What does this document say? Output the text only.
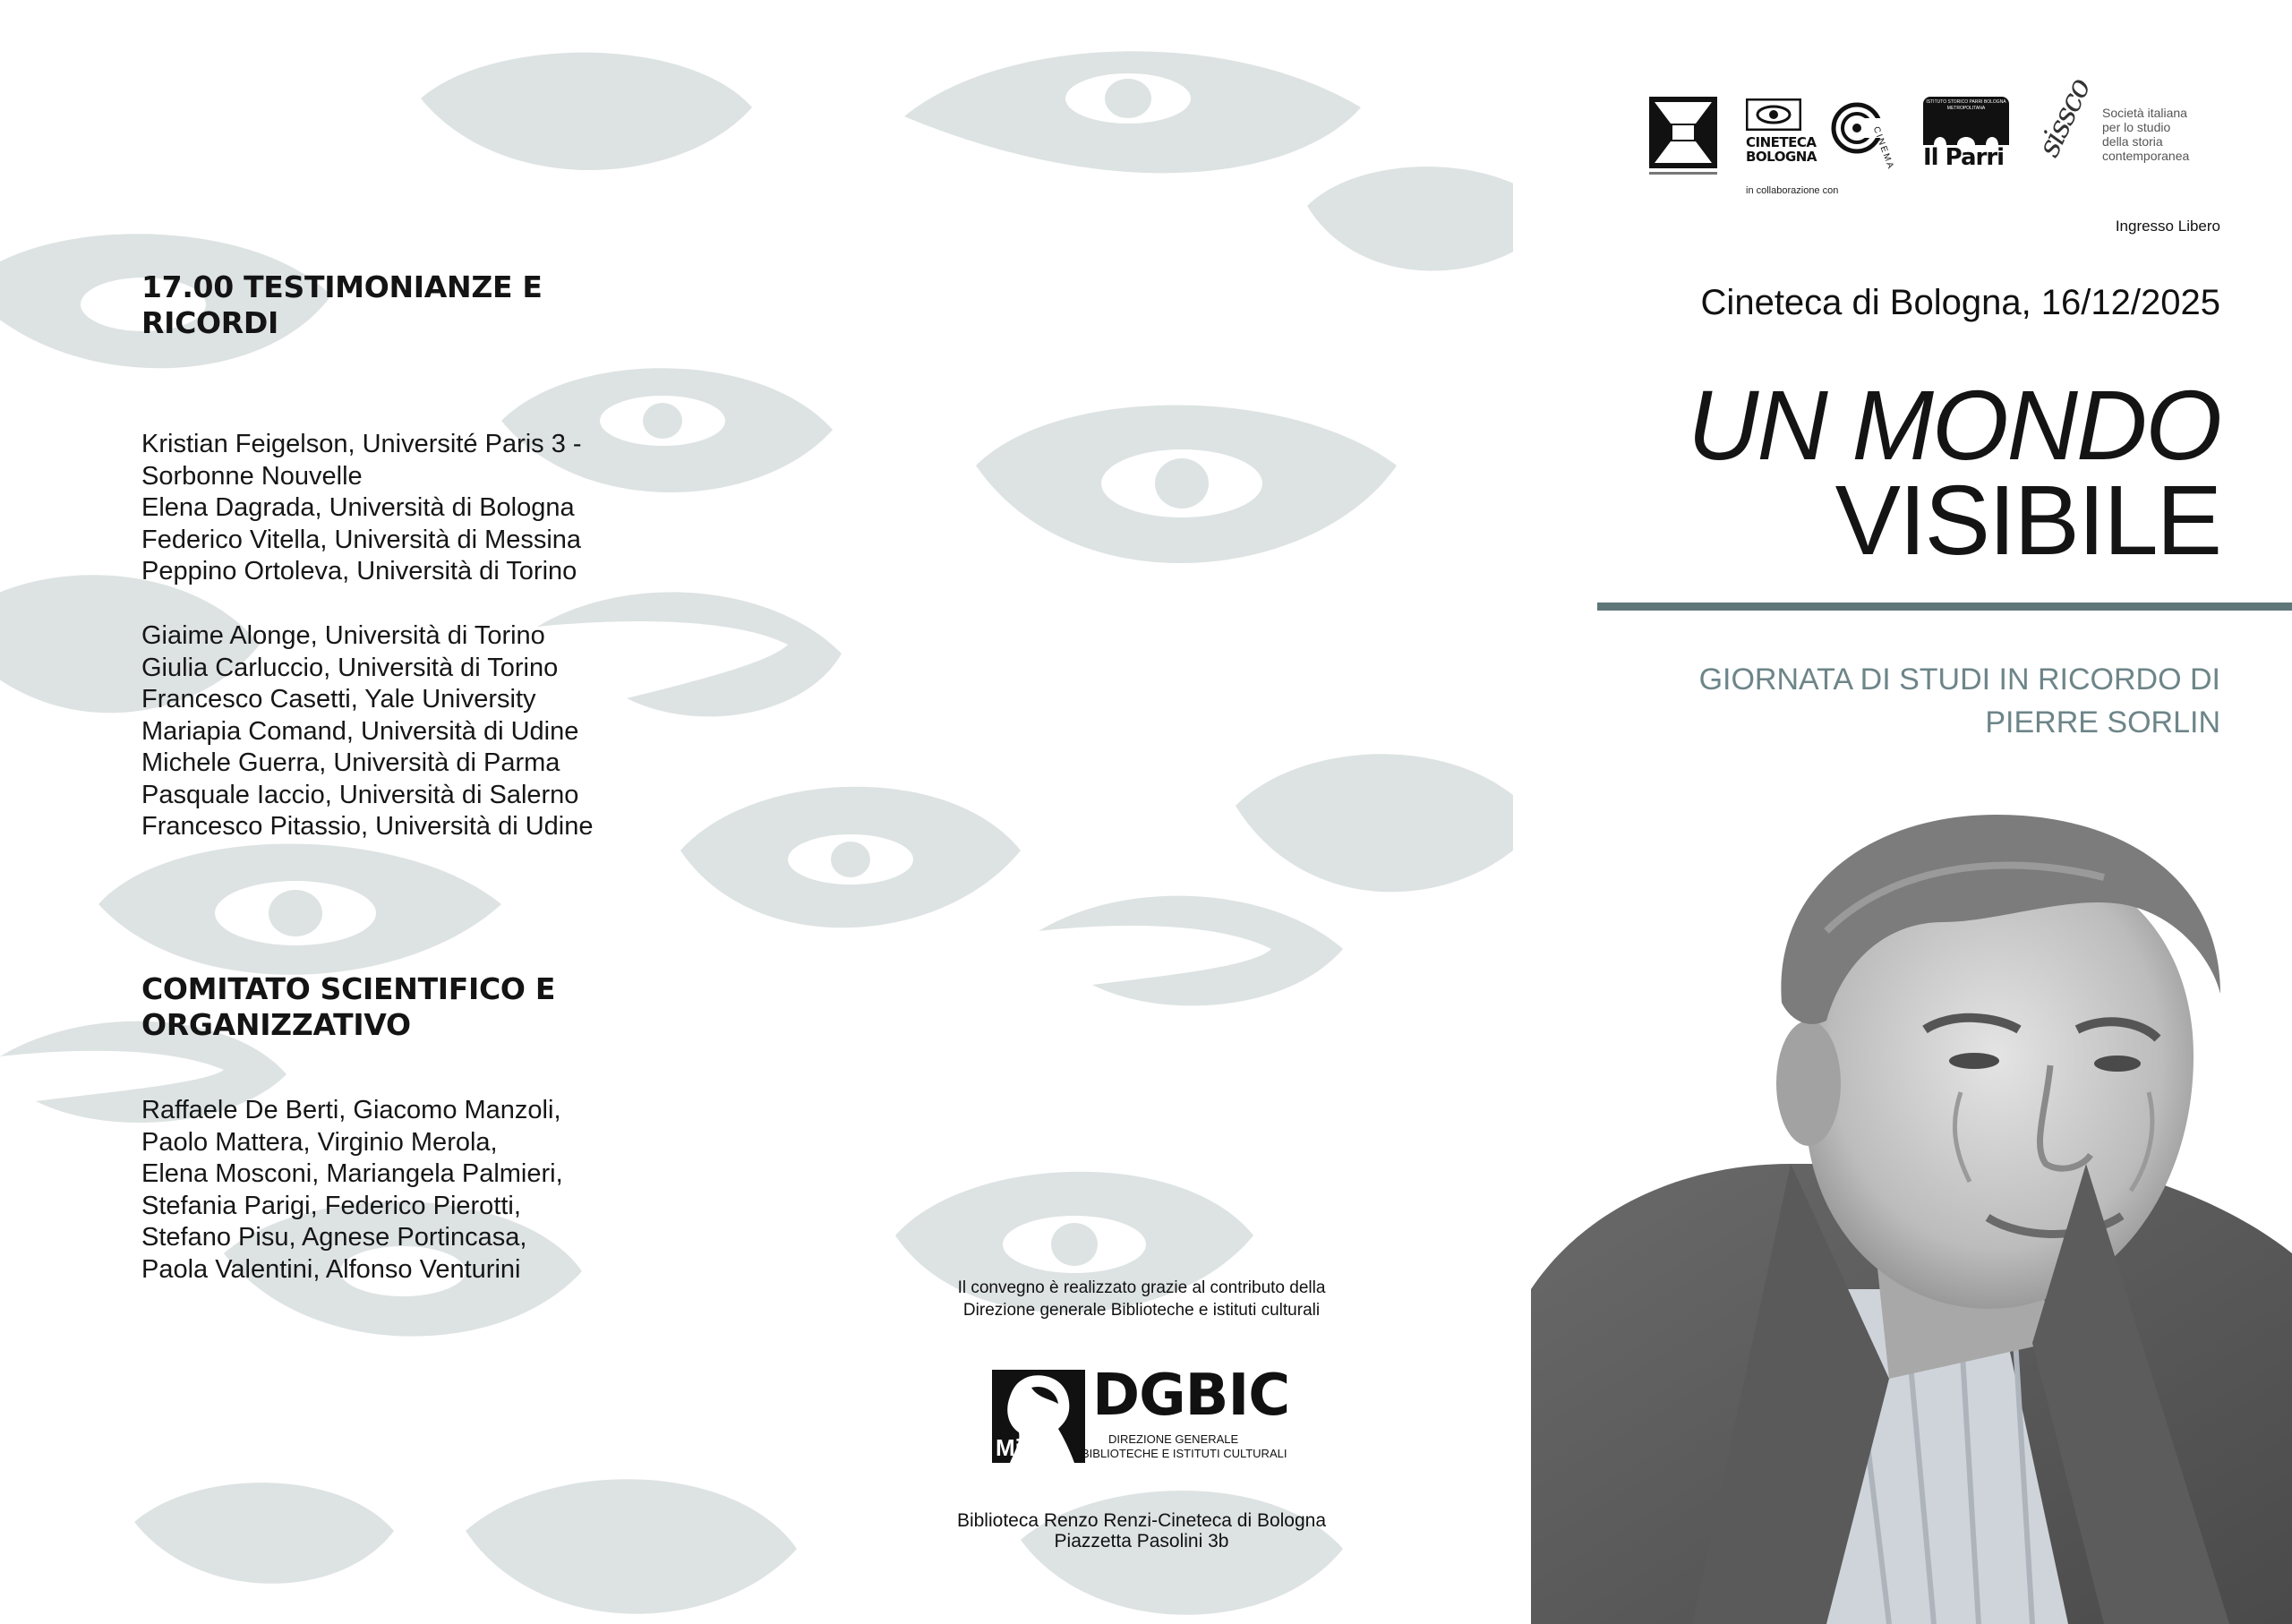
17.00 TESTIMONIANZE E
RICORDI
Kristian Feigelson, Université Paris 3 -
Sorbonne Nouvelle
Elena Dagrada, Università di Bologna
Federico Vitella, Università di Messina
Peppino Ortoleva, Università di Torino
Giaime Alonge, Università di Torino
Giulia Carluccio, Università di Torino
Francesco Casetti, Yale University
Mariapia Comand, Università di Udine
Michele Guerra, Università di Parma
Pasquale Iaccio, Università di Salerno
Francesco Pitassio, Università di Udine
COMITATO SCIENTIFICO E
ORGANIZZATIVO
Raffaele De Berti, Giacomo Manzoli,
Paolo Mattera, Virginio Merola,
Elena Mosconi, Mariangela Palmieri,
Stefania Parigi, Federico Pierotti,
Stefano Pisu, Agnese Portincasa,
Paola Valentini, Alfonso Venturini
Il convegno è realizzato grazie al contributo della
Direzione generale Biblioteche e istituti culturali
MiC
DGBIC
DIREZIONE GENERALE
BIBLIOTECHE E ISTITUTI CULTURALI
Biblioteca Renzo Renzi-Cineteca di Bologna
Piazzetta Pasolini 3b
CINETECA
BOLOGNA
in collaborazione con
CINEMA
ISTITUTO STORICO PARRI BOLOGNA METROPOLITANA
Il Parri sissco Società italiana
per lo studio
della storia
contemporanea
Ingresso Libero
Cineteca di Bologna, 16/12/2025
UN MONDO
VISIBILE
GIORNATA DI STUDI IN RICORDO DI
PIERRE SORLIN
